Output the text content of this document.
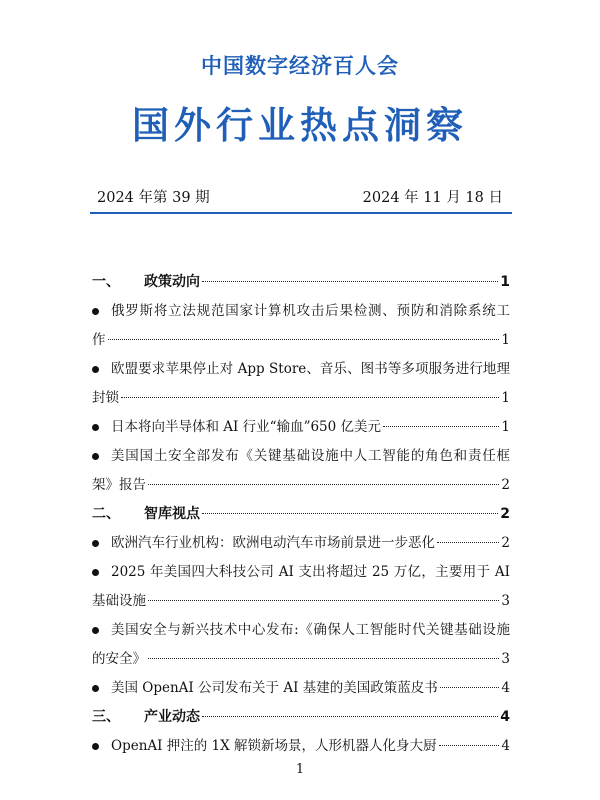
中国数字经济百人会
国外行业热点洞察
2024 年第 39 期	2024 年 11 月 18 日
一、	政策动向	1
俄罗斯将立法规范国家计算机攻击后果检测、预防和消除系统工
作	1
欧盟要求苹果停止对 App Store、音乐、图书等多项服务进行地理
封锁	1
日本将向半导体和 AI 行业“输血”650 亿美元	1
美国国土安全部发布《关键基础设施中人工智能的角色和责任框
架》报告	2
二、	智库视点	2
欧洲汽车行业机构：欧洲电动汽车市场前景进一步恶化	2
2025 年美国四大科技公司 AI 支出将超过 25 万亿，主要用于 AI
基础设施	3
美国安全与新兴技术中心发布:《确保人工智能时代关键基础设施
的安全》	3
美国 OpenAI 公司发布关于 AI 基建的美国政策蓝皮书	4
三、	产业动态	4
OpenAI 押注的 1X 解锁新场景，人形机器人化身大厨	4
1
